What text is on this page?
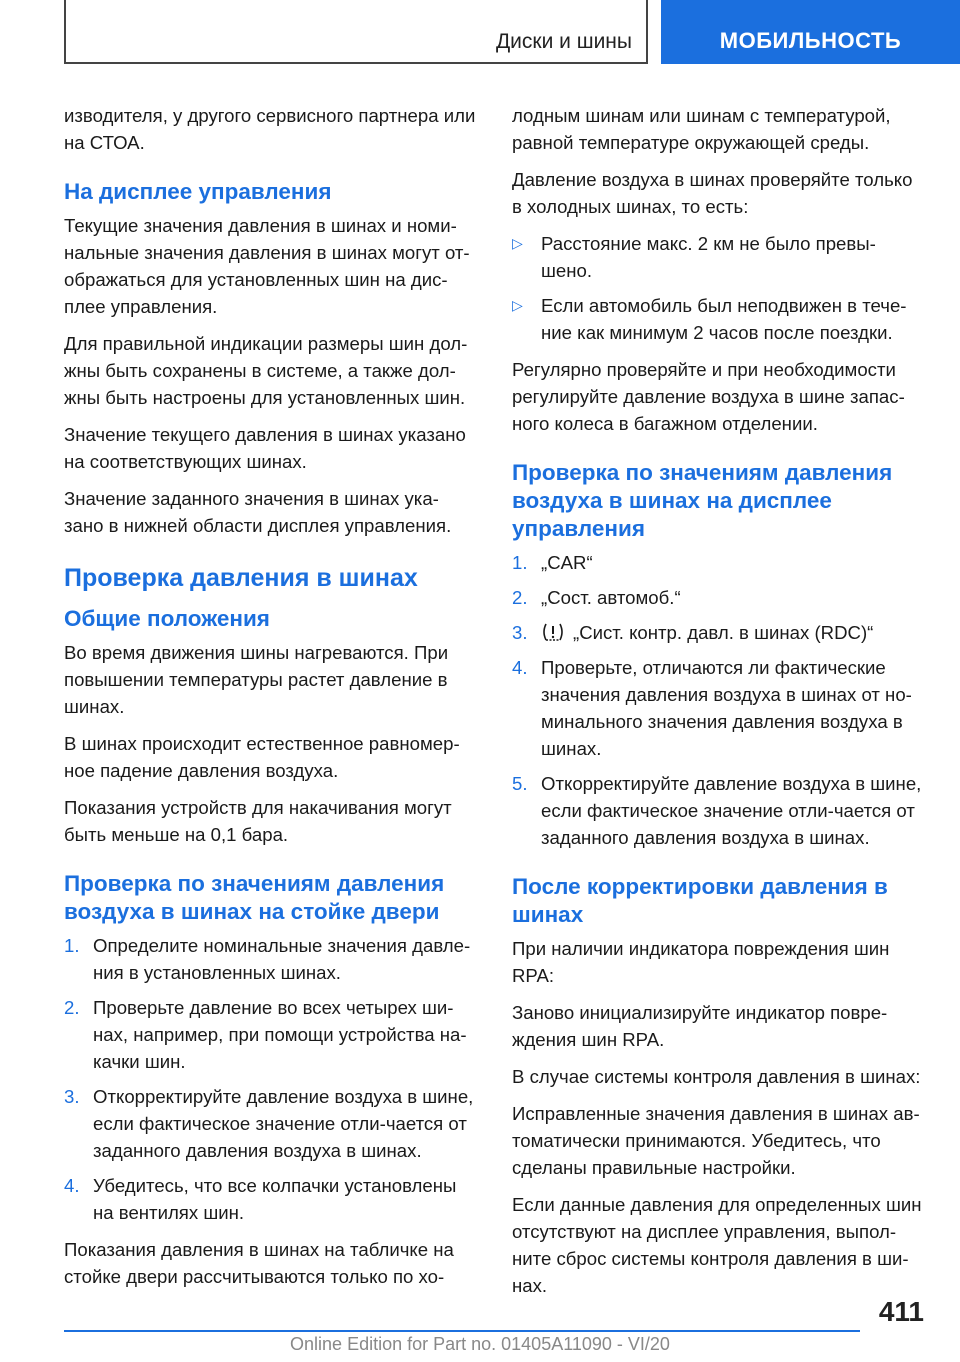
Диски и шины	МОБИЛЬНОСТЬ

изводителя, у другого сервисного партнера или на СТОА.

На дисплее управления

Текущие значения давления в шинах и номи-нальные значения давления в шинах могут от-ображаться для установленных шин на дис-плее управления.

Для правильной индикации размеры шин дол-жны быть сохранены в системе, а также дол-жны быть настроены для установленных шин.

Значение текущего давления в шинах указано на соответствующих шинах.

Значение заданного значения в шинах ука-зано в нижней области дисплея управления.

Проверка давления в шинах
Общие положения

Во время движения шины нагреваются. При повышении температуры растет давление в шинах.

В шинах происходит естественное равномер-ное падение давления воздуха.

Показания устройств для накачивания могут быть меньше на 0,1 бара.

Проверка по значениям давления воздуха в шинах на стойке двери
1. Определите номинальные значения давле-ния в установленных шинах.
2. Проверьте давление во всех четырех ши-нах, например, при помощи устройства на-качки шин.
3. Откорректируйте давление воздуха в шине, если фактическое значение отли-чается от заданного давления воздуха в шинах.
4. Убедитесь, что все колпачки установлены на вентилях шин.

Показания давления в шинах на табличке на стойке двери рассчитываются только по хо-

лодным шинам или шинам с температурой, равной температуре окружающей среды.

Давление воздуха в шинах проверяйте только в холодных шинах, то есть:

▷ Расстояние макс. 2 км не было превы-шено.
▷ Если автомобиль был неподвижен в тече-ние как минимум 2 часов после поездки.

Регулярно проверяйте и при необходимости регулируйте давление воздуха в шине запас-ного колеса в багажном отделении.

Проверка по значениям давления воздуха в шинах на дисплее управления
1. „CAR“
2. „Сост. автомоб.“
3. „Сист. контр. давл. в шинах (RDC)“
4. Проверьте, отличаются ли фактические значения давления воздуха в шинах от но-минального значения давления воздуха в шинах.
5. Откорректируйте давление воздуха в шине, если фактическое значение отли-чается от заданного давления воздуха в шинах.
После корректировки давления в шинах

При наличии индикатора повреждения шин RPA:

Заново инициализируйте индикатор повре-ждения шин RPA.

В случае системы контроля давления в шинах:

Исправленные значения давления в шинах ав-томатически принимаются. Убедитесь, что сделаны правильные настройки.

Если данные давления для определенных шин отсутствуют на дисплее управления, выпол-ните сброс системы контроля давления в ши-нах.

411
Online Edition for Part no. 01405A11090 - VI/20
